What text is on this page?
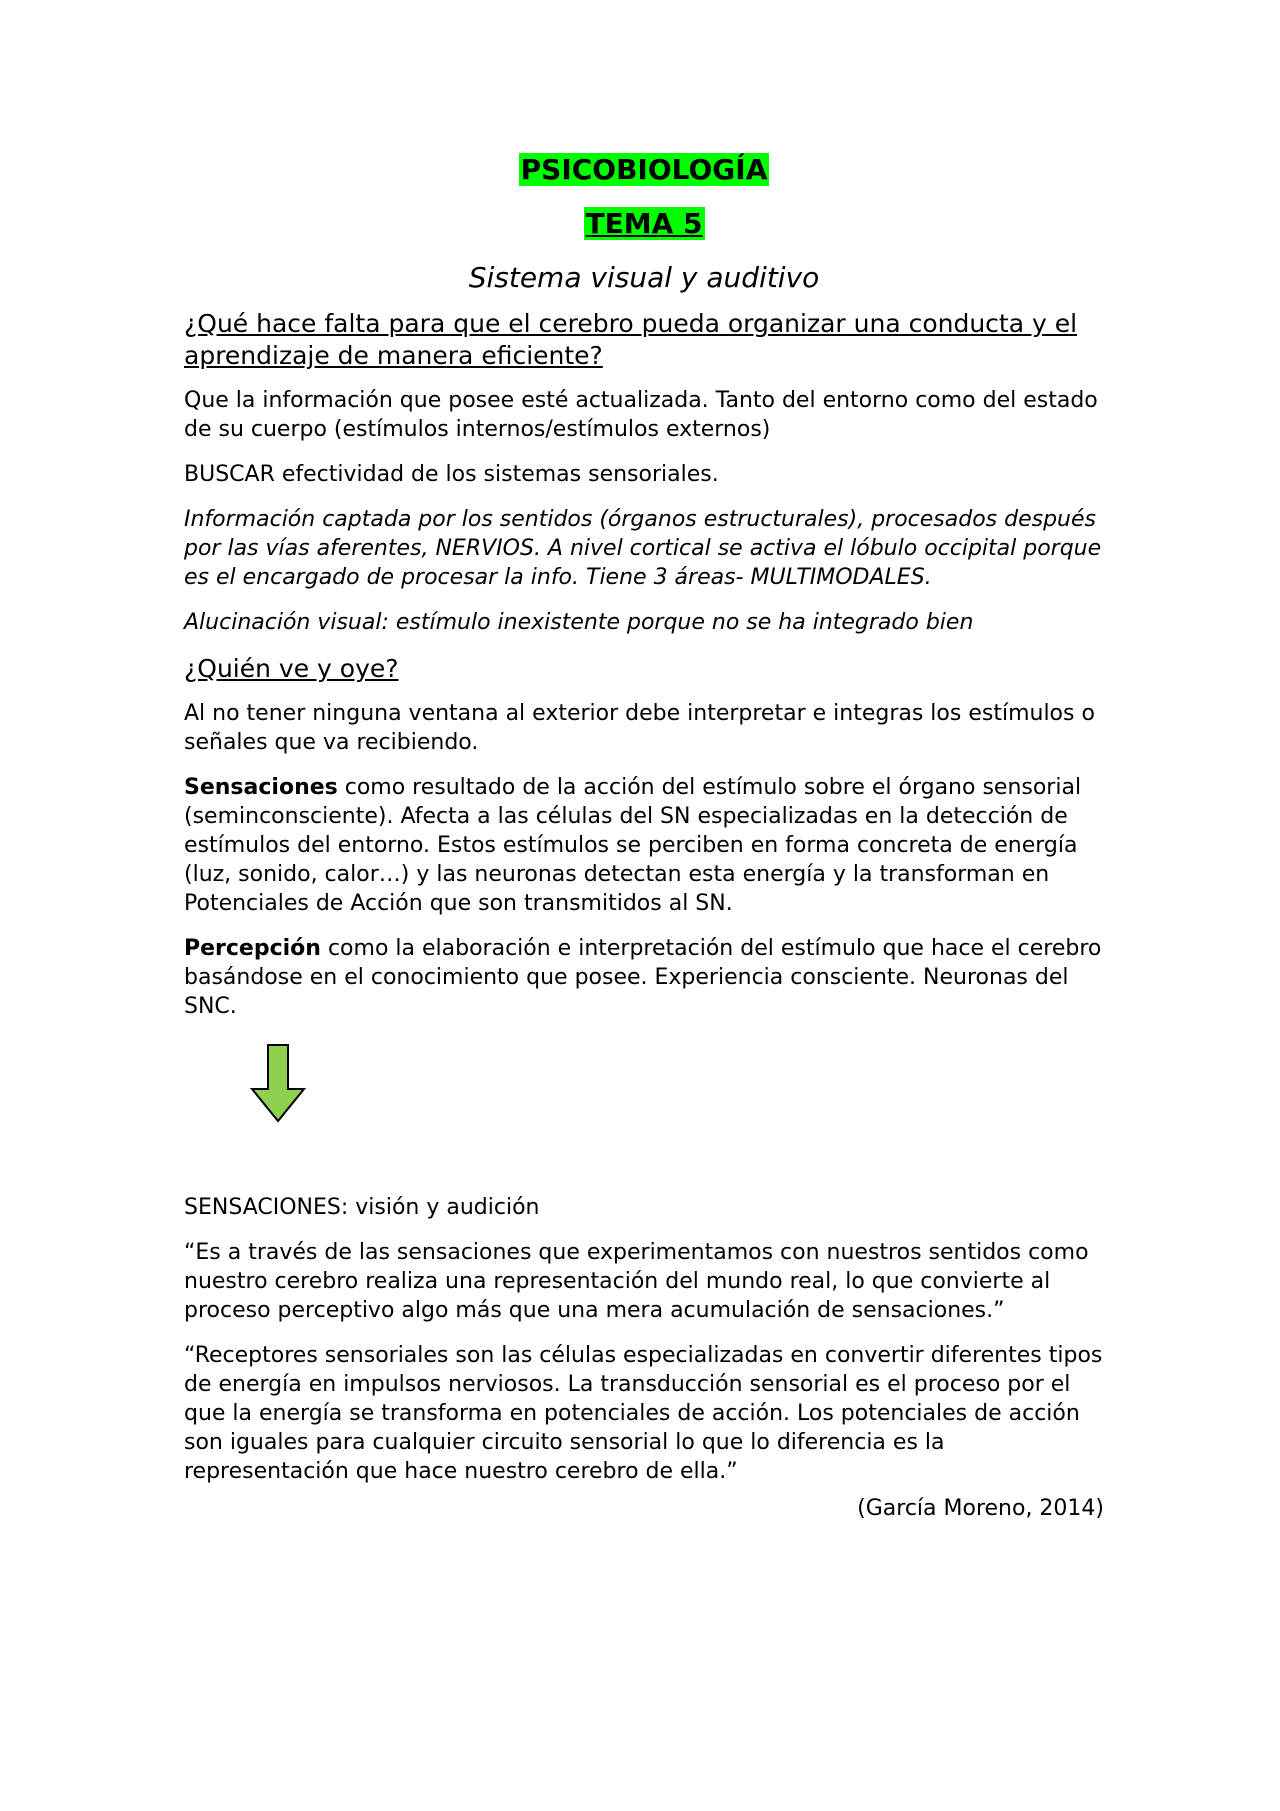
PSICOBIOLOGÍA
TEMA 5
Sistema visual y auditivo
¿Qué hace falta para que el cerebro pueda organizar una conducta y el aprendizaje de manera eficiente?

Que la información que posee esté actualizada. Tanto del entorno como del estado de su cuerpo (estímulos internos/estímulos externos)

BUSCAR efectividad de los sistemas sensoriales.

Información captada por los sentidos (órganos estructurales), procesados después por las vías aferentes, NERVIOS. A nivel cortical se activa el lóbulo occipital porque es el encargado de procesar la info. Tiene 3 áreas- MULTIMODALES.

Alucinación visual: estímulo inexistente porque no se ha integrado bien

¿Quién ve y oye?

Al no tener ninguna ventana al exterior debe interpretar e integras los estímulos o señales que va recibiendo.

Sensaciones como resultado de la acción del estímulo sobre el órgano sensorial (seminconsciente). Afecta a las células del SN especializadas en la detección de estímulos del entorno. Estos estímulos se perciben en forma concreta de energía (luz, sonido, calor…) y las neuronas detectan esta energía y la transforman en Potenciales de Acción que son transmitidos al SN.

Percepción como la elaboración e interpretación del estímulo que hace el cerebro basándose en el conocimiento que posee. Experiencia consciente. Neuronas del SNC.

SENSACIONES: visión y audición

“Es a través de las sensaciones que experimentamos con nuestros sentidos como nuestro cerebro realiza una representación del mundo real, lo que convierte al proceso perceptivo algo más que una mera acumulación de sensaciones.”

“Receptores sensoriales son las células especializadas en convertir diferentes tipos de energía en impulsos nerviosos. La transducción sensorial es el proceso por el que la energía se transforma en potenciales de acción. Los potenciales de acción son iguales para cualquier circuito sensorial lo que lo diferencia es la representación que hace nuestro cerebro de ella.”

(García Moreno, 2014)
